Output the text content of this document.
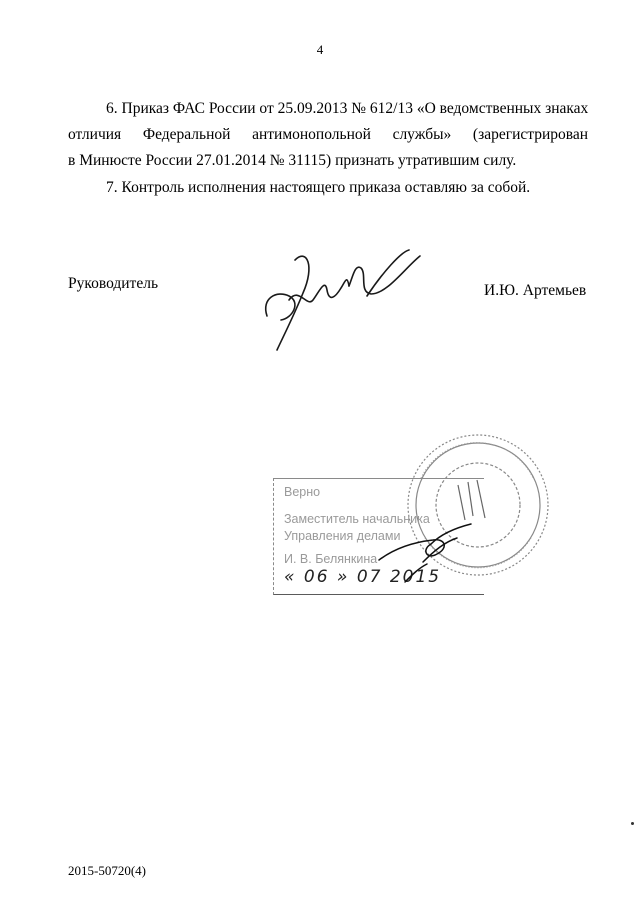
4
6. Приказ ФАС России от 25.09.2013 № 612/13 «О ведомственных знаках
отличия Федеральной антимонопольной службы» (зарегистрирован
в Минюсте России 27.01.2014 № 31115) признать утратившим силу.
7. Контроль исполнения настоящего приказа оставляю за собой.
Руководитель	И.Ю. Артемьев
Верно
Заместитель начальника
Управления делами
И. В. Белянкина
« 06 » 07 2015
2015-50720(4)
